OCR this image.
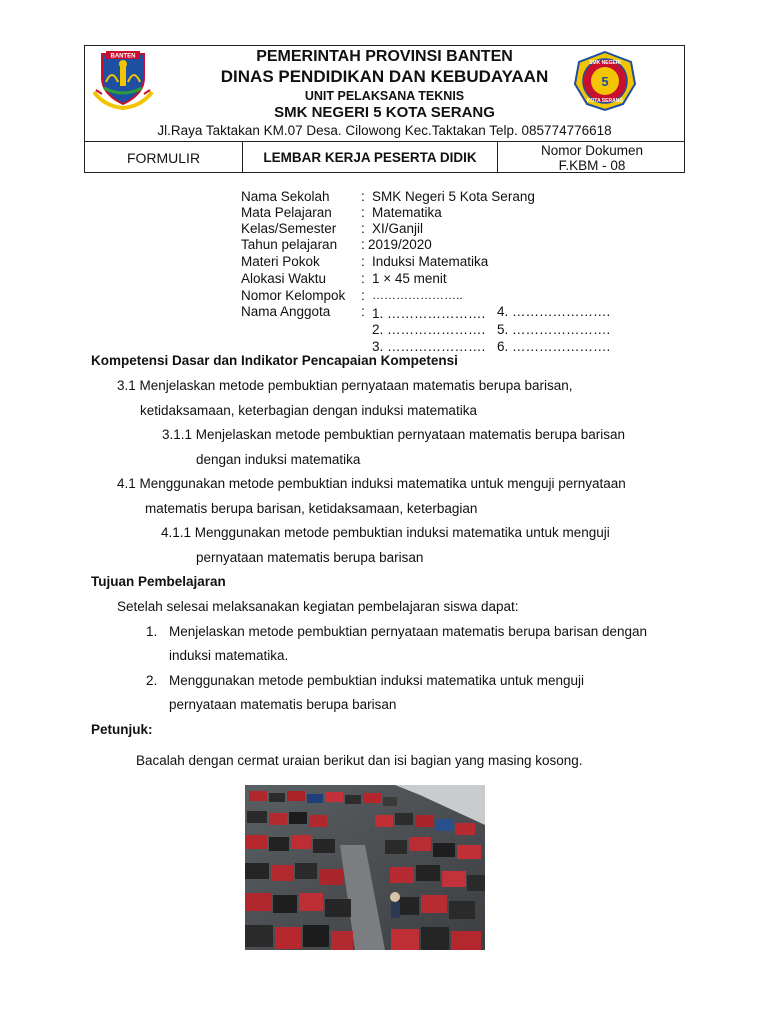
PEMERINTAH PROVINSI BANTEN
DINAS PENDIDIKAN DAN KEBUDAYAAN
UNIT PELAKSANA TEKNIS
SMK NEGERI 5 KOTA SERANG
Jl.Raya Taktakan KM.07 Desa. Cilowong Kec.Taktakan Telp. 085774776618
FORMULIR	LEMBAR KERJA PESERTA DIDIK	Nomor Dokumen
F.KBM - 08
BANTEN
5
SMK NEGERI
KOTA SERANG
Nama Sekolah : SMK Negeri 5 Kota Serang
Mata Pelajaran : Matematika
Kelas/Semester : XI/Ganjil
Tahun pelajaran : 2019/2020
Materi Pokok	: Induksi Matematika
Alokasi Waktu	: 1 × 45 menit
Nomor Kelompok : …………………..
Nama Anggota : 1. …………………. 4. ………………….
2. …………………. 5. ………………….
3. …………………. 6. ………………….
Kompetensi Dasar dan Indikator Pencapaian Kompetensi
3.1 Menjelaskan metode pembuktian pernyataan matematis berupa barisan,
ketidaksamaan, keterbagian dengan induksi matematika
3.1.1 Menjelaskan metode pembuktian pernyataan matematis berupa barisan
dengan induksi matematika
4.1 Menggunakan metode pembuktian induksi matematika untuk menguji pernyataan
matematis berupa barisan, ketidaksamaan, keterbagian
4.1.1 Menggunakan metode pembuktian induksi matematika untuk menguji
pernyataan matematis berupa barisan
Tujuan Pembelajaran
Setelah selesai melaksanakan kegiatan pembelajaran siswa dapat:
1. Menjelaskan metode pembuktian pernyataan matematis berupa barisan dengan
induksi matematika.
2. Menggunakan metode pembuktian induksi matematika untuk menguji
pernyataan matematis berupa barisan
Petunjuk:
Bacalah dengan cermat uraian berikut dan isi bagian yang masing kosong.
